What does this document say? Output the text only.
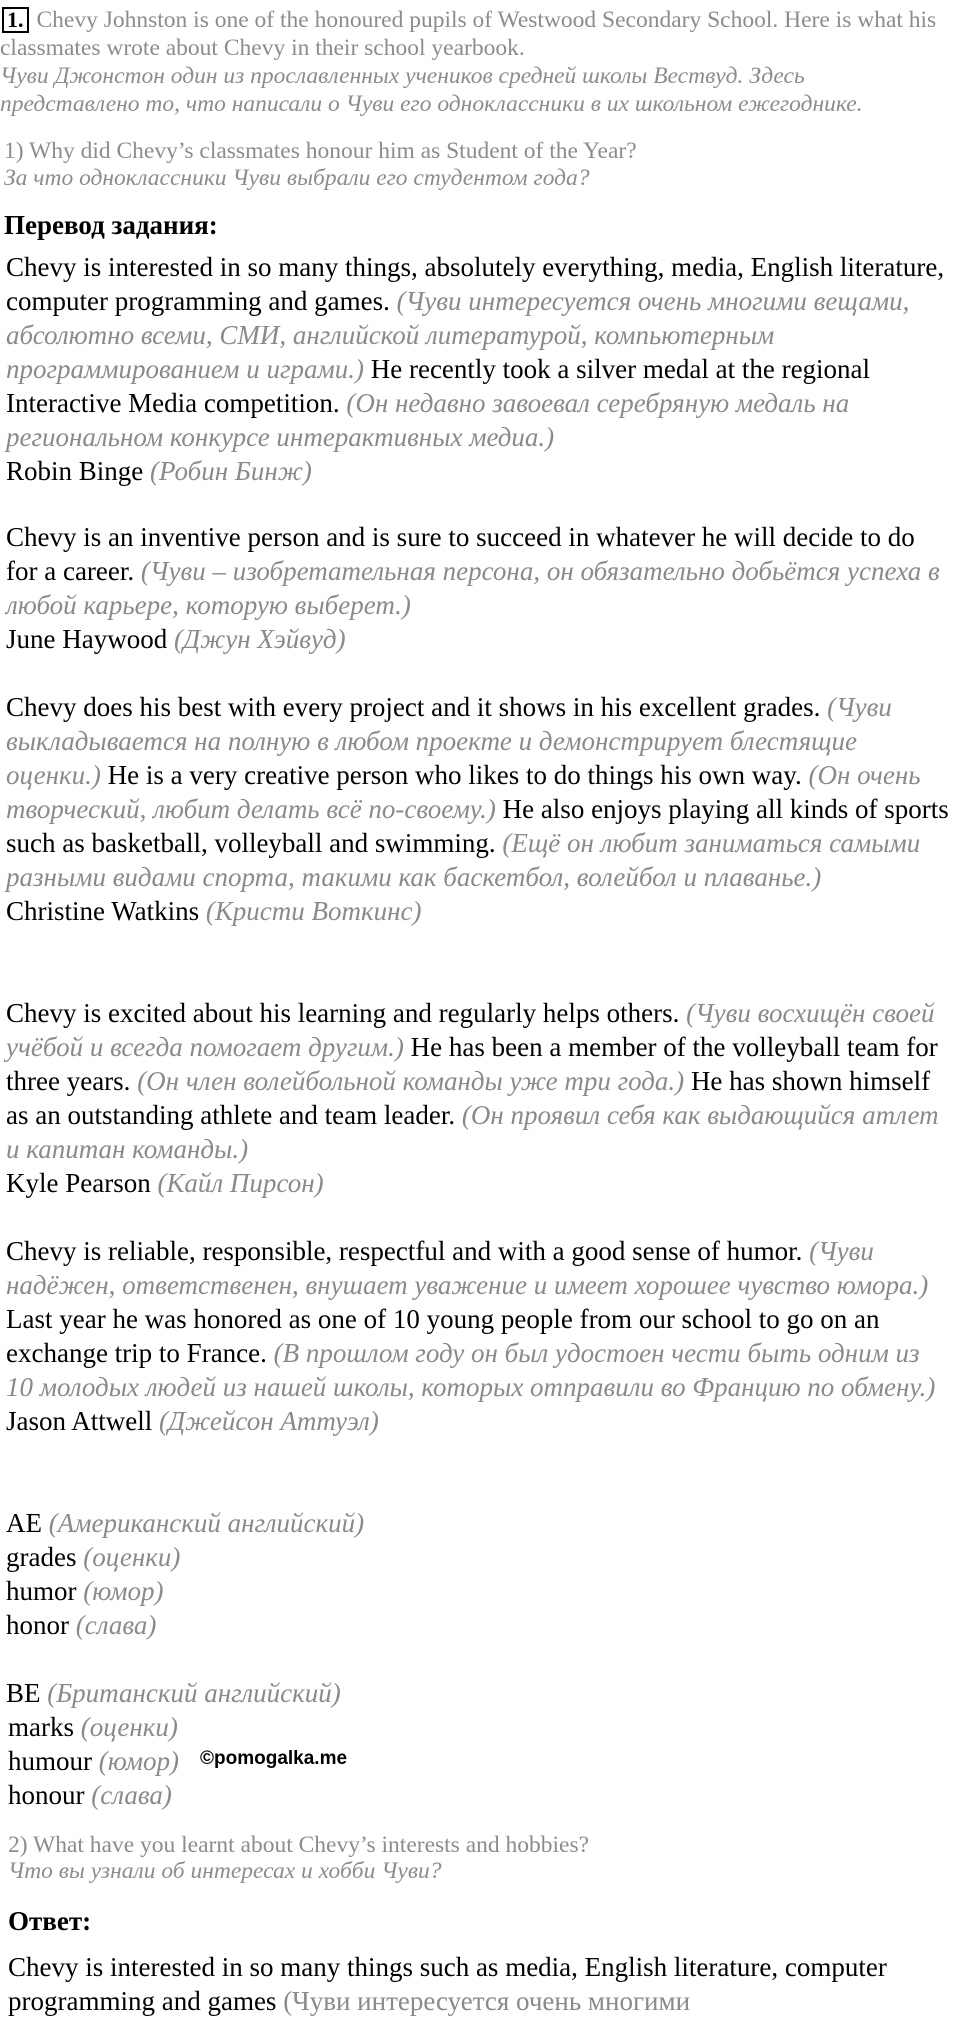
1. Chevy Johnston is one of the honoured pupils of Westwood Secondary School. Here is what his classmates wrote about Chevy in their school yearbook.
Чуви Джонстон один из прославленных учеников средней школы Вествуд. Здесь представлено то, что написали о Чуви его одноклассники в их школьном ежегоднике.
1) Why did Chevy’s classmates honour him as Student of the Year?
За что одноклассники Чуви выбрали его студентом года?
Перевод задания:
Chevy is interested in so many things, absolutely everything, media, English literature, computer programming and games. (Чуви интересуется очень многими вещами, абсолютно всеми, СМИ, английской литературой, компьютерным программированием и играми.) He recently took a silver medal at the regional Interactive Media competition. (Он недавно завоевал серебряную медаль на региональном конкурсе интерактивных медиа.)
Robin Binge (Робин Бинж)
Chevy is an inventive person and is sure to succeed in whatever he will decide to do for a career. (Чуви – изобретательная персона, он обязательно добьётся успеха в любой карьере, которую выберет.)
June Haywood (Джун Хэйвуд)
Chevy does his best with every project and it shows in his excellent grades. (Чуви выкладывается на полную в любом проекте и демонстрирует блестящие оценки.) He is a very creative person who likes to do things his own way. (Он очень творческий, любит делать всё по-своему.) He also enjoys playing all kinds of sports such as basketball, volleyball and swimming. (Ещё он любит заниматься самыми разными видами спорта, такими как баскетбол, волейбол и плаванье.)
Christine Watkins (Кристи Воткинс)
Chevy is excited about his learning and regularly helps others. (Чуви восхищён своей учёбой и всегда помогает другим.) He has been a member of the volleyball team for three years. (Он член волейбольной команды уже три года.) He has shown himself as an outstanding athlete and team leader. (Он проявил себя как выдающийся атлет и капитан команды.)
Kyle Pearson (Кайл Пирсон)
Chevy is reliable, responsible, respectful and with a good sense of humor. (Чуви надёжен, ответственен, внушает уважение и имеет хорошее чувство юмора.) Last year he was honored as one of 10 young people from our school to go on an exchange trip to France. (В прошлом году он был удостоен чести быть одним из 10 молодых людей из нашей школы, которых отправили во Францию по обмену.)
Jason Attwell (Джейсон Аттуэл)
AE (Американский английский)
grades (оценки)
humor (юмор)
honor (слава)
BE (Британский английский)
marks (оценки)
humour (юмор)
honour (слава)
©pomogalka.me
2) What have you learnt about Chevy’s interests and hobbies?
Что вы узнали об интересах и хобби Чуви?
Ответ:
Chevy is interested in so many things such as media, English literature, computer programming and games (Чуви интересуется очень многими
